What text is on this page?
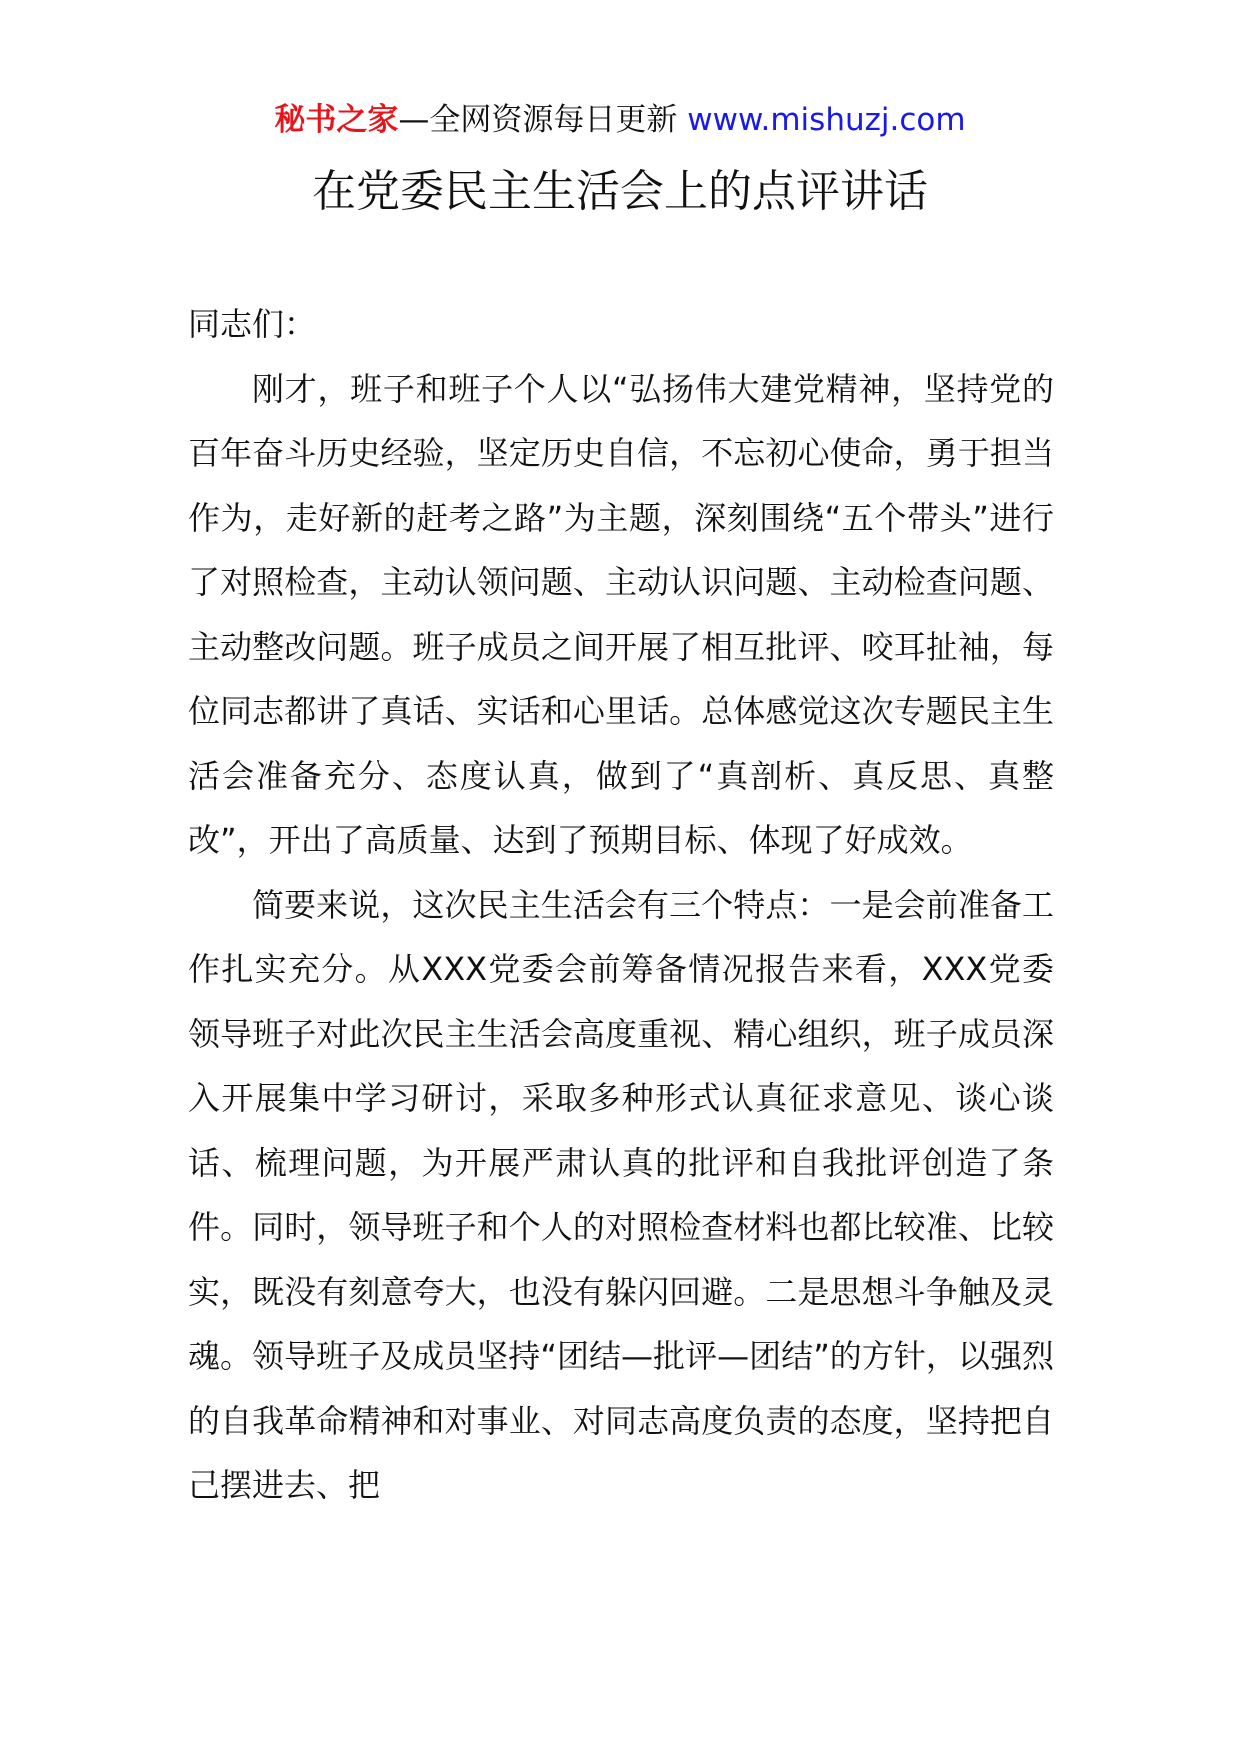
秘书之家—全网资源每日更新 www.mishuzj.com
在党委民主生活会上的点评讲话

同志们：

刚才，班子和班子个人以“弘扬伟大建党精神，坚持党的百年奋斗历史经验，坚定历史自信，不忘初心使命，勇于担当作为，走好新的赶考之路”为主题，深刻围绕“五个带头”进行了对照检查，主动认领问题、主动认识问题、主动检查问题、主动整改问题。班子成员之间开展了相互批评、咬耳扯袖，每位同志都讲了真话、实话和心里话。总体感觉这次专题民主生活会准备充分、态度认真，做到了“真剖析、真反思、真整改”，开出了高质量、达到了预期目标、体现了好成效。

简要来说，这次民主生活会有三个特点：一是会前准备工作扎实充分。从XXX党委会前筹备情况报告来看，XXX党委领导班子对此次民主生活会高度重视、精心组织，班子成员深入开展集中学习研讨，采取多种形式认真征求意见、谈心谈话、梳理问题，为开展严肃认真的批评和自我批评创造了条件。同时，领导班子和个人的对照检查材料也都比较准、比较实，既没有刻意夸大，也没有躲闪回避。二是思想斗争触及灵魂。领导班子及成员坚持“团结—批评—团结”的方针，以强烈的自我革命精神和对事业、对同志高度负责的态度，坚持把自己摆进去、把
